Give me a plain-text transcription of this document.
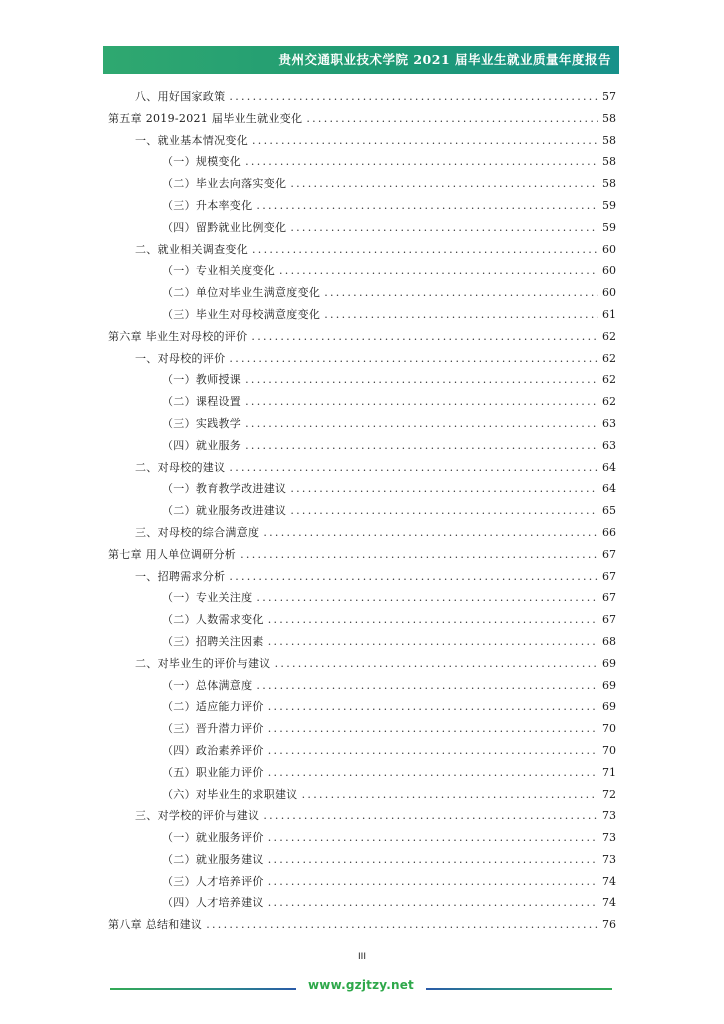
贵州交通职业技术学院 2021 届毕业生就业质量年度报告
八、用好国家政策 .....	57
第五章 2019-2021 届毕业生就业变化 .....	58
一、就业基本情况变化 .....	58
（一）规模变化 .....	58
（二）毕业去向落实变化 .....	58
（三）升本率变化 .....	59
（四）留黔就业比例变化 .....	59
二、就业相关调查变化 .....	60
（一）专业相关度变化 .....	60
（二）单位对毕业生满意度变化 .....	60
（三）毕业生对母校满意度变化 .....	61
第六章 毕业生对母校的评价 .....	62
一、对母校的评价 .....	62
（一）教师授课 .....	62
（二）课程设置 .....	62
（三）实践教学 .....	63
（四）就业服务 .....	63
二、对母校的建议 .....	64
（一）教育教学改进建议 .....	64
（二）就业服务改进建议 .....	65
三、对母校的综合满意度 .....	66
第七章 用人单位调研分析 .....	67
一、招聘需求分析 .....	67
（一）专业关注度 .....	67
（二）人数需求变化 .....	67
（三）招聘关注因素 .....	68
二、对毕业生的评价与建议 .....	69
（一）总体满意度 .....	69
（二）适应能力评价 .....	69
（三）晋升潜力评价 .....	70
（四）政治素养评价 .....	70
（五）职业能力评价 .....	71
（六）对毕业生的求职建议 .....	72
三、对学校的评价与建议 .....	73
（一）就业服务评价 .....	73
（二）就业服务建议 .....	73
（三）人才培养评价 .....	74
（四）人才培养建议 .....	74
第八章 总结和建议 .....	76
III
www.gzjtzy.net
